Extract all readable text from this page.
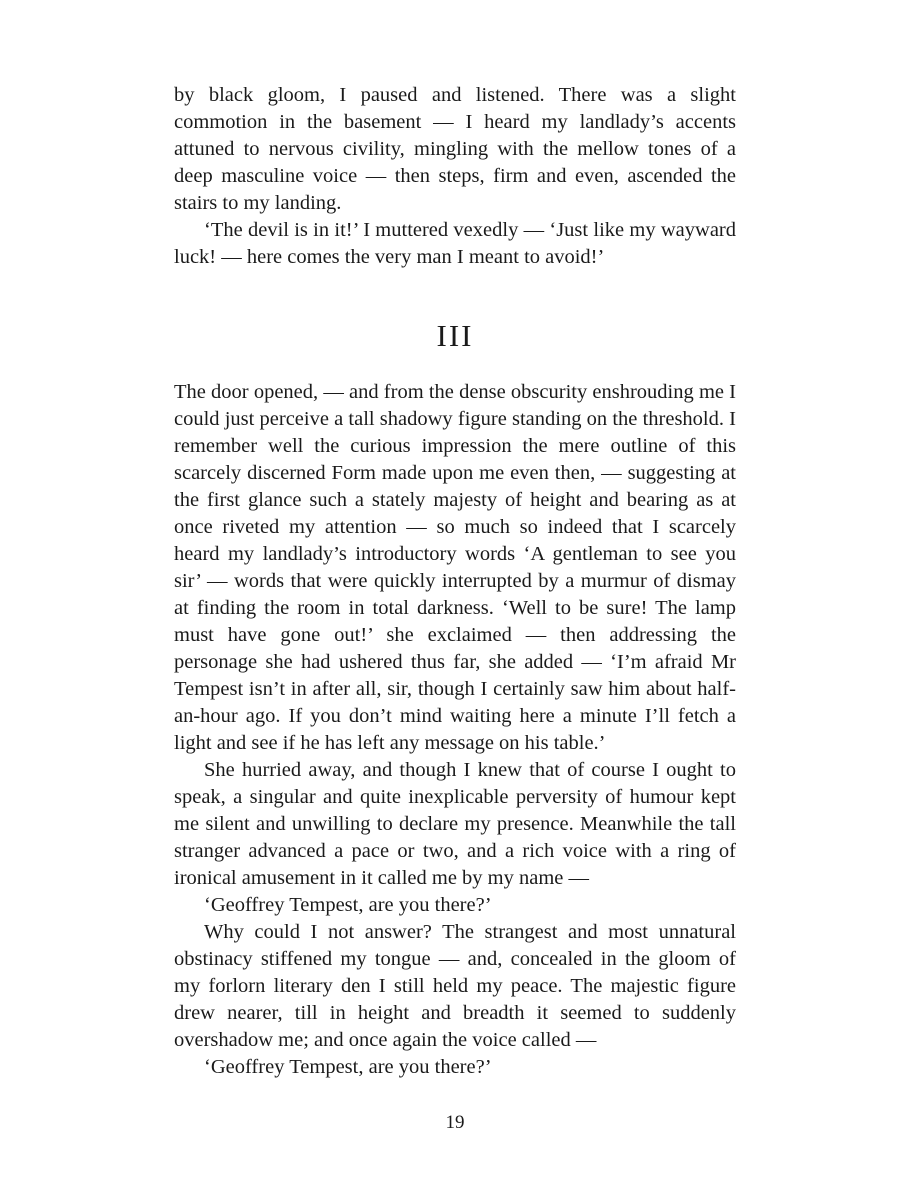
by black gloom, I paused and listened. There was a slight commotion in the basement — I heard my landlady’s accents attuned to nervous civility, mingling with the mellow tones of a deep masculine voice — then steps, firm and even, ascended the stairs to my landing.

‘The devil is in it!’ I muttered vexedly — ‘Just like my wayward luck! — here comes the very man I meant to avoid!’

III

The door opened, — and from the dense obscurity enshrouding me I could just perceive a tall shadowy figure standing on the threshold. I remember well the curious impression the mere outline of this scarcely discerned Form made upon me even then, — suggesting at the first glance such a stately majesty of height and bearing as at once riveted my attention — so much so indeed that I scarcely heard my landlady’s introductory words ‘A gentleman to see you sir’ — words that were quickly interrupted by a murmur of dismay at finding the room in total darkness. ‘Well to be sure! The lamp must have gone out!’ she exclaimed — then addressing the personage she had ushered thus far, she added — ‘I’m afraid Mr Tempest isn’t in after all, sir, though I certainly saw him about half-an-hour ago. If you don’t mind waiting here a minute I’ll fetch a light and see if he has left any message on his table.’

She hurried away, and though I knew that of course I ought to speak, a singular and quite inexplicable perversity of humour kept me silent and unwilling to declare my presence. Meanwhile the tall stranger advanced a pace or two, and a rich voice with a ring of ironical amusement in it called me by my name —

‘Geoffrey Tempest, are you there?’

Why could I not answer? The strangest and most unnatural obstinacy stiffened my tongue — and, concealed in the gloom of my forlorn literary den I still held my peace. The majestic figure drew nearer, till in height and breadth it seemed to suddenly overshadow me; and once again the voice called —

‘Geoffrey Tempest, are you there?’

19
